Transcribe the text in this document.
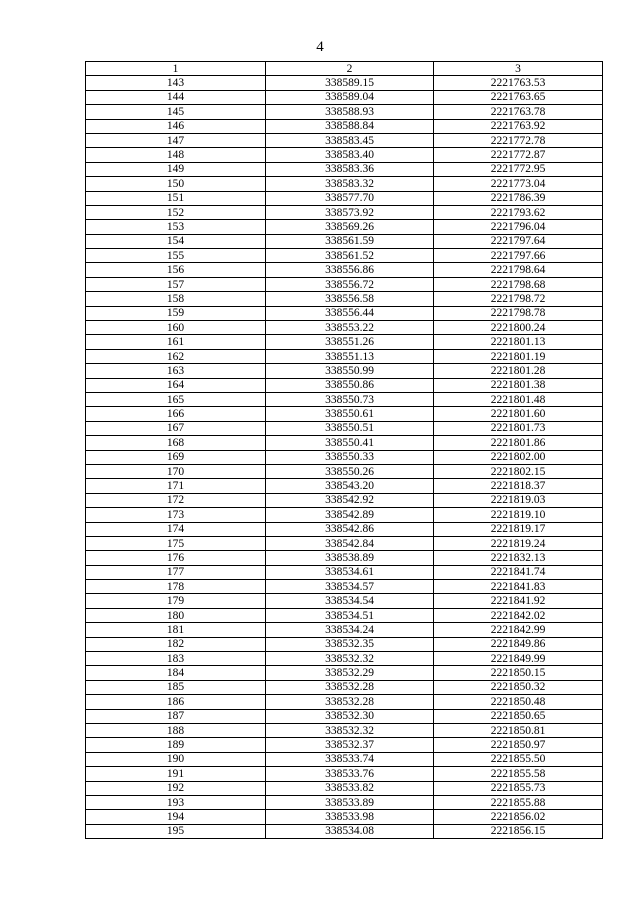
4
1	2	3
143	338589.15	2221763.53
144	338589.04	2221763.65
145	338588.93	2221763.78
146	338588.84	2221763.92
147	338583.45	2221772.78
148	338583.40	2221772.87
149	338583.36	2221772.95
150	338583.32	2221773.04
151	338577.70	2221786.39
152	338573.92	2221793.62
153	338569.26	2221796.04
154	338561.59	2221797.64
155	338561.52	2221797.66
156	338556.86	2221798.64
157	338556.72	2221798.68
158	338556.58	2221798.72
159	338556.44	2221798.78
160	338553.22	2221800.24
161	338551.26	2221801.13
162	338551.13	2221801.19
163	338550.99	2221801.28
164	338550.86	2221801.38
165	338550.73	2221801.48
166	338550.61	2221801.60
167	338550.51	2221801.73
168	338550.41	2221801.86
169	338550.33	2221802.00
170	338550.26	2221802.15
171	338543.20	2221818.37
172	338542.92	2221819.03
173	338542.89	2221819.10
174	338542.86	2221819.17
175	338542.84	2221819.24
176	338538.89	2221832.13
177	338534.61	2221841.74
178	338534.57	2221841.83
179	338534.54	2221841.92
180	338534.51	2221842.02
181	338534.24	2221842.99
182	338532.35	2221849.86
183	338532.32	2221849.99
184	338532.29	2221850.15
185	338532.28	2221850.32
186	338532.28	2221850.48
187	338532.30	2221850.65
188	338532.32	2221850.81
189	338532.37	2221850.97
190	338533.74	2221855.50
191	338533.76	2221855.58
192	338533.82	2221855.73
193	338533.89	2221855.88
194	338533.98	2221856.02
195	338534.08	2221856.15
